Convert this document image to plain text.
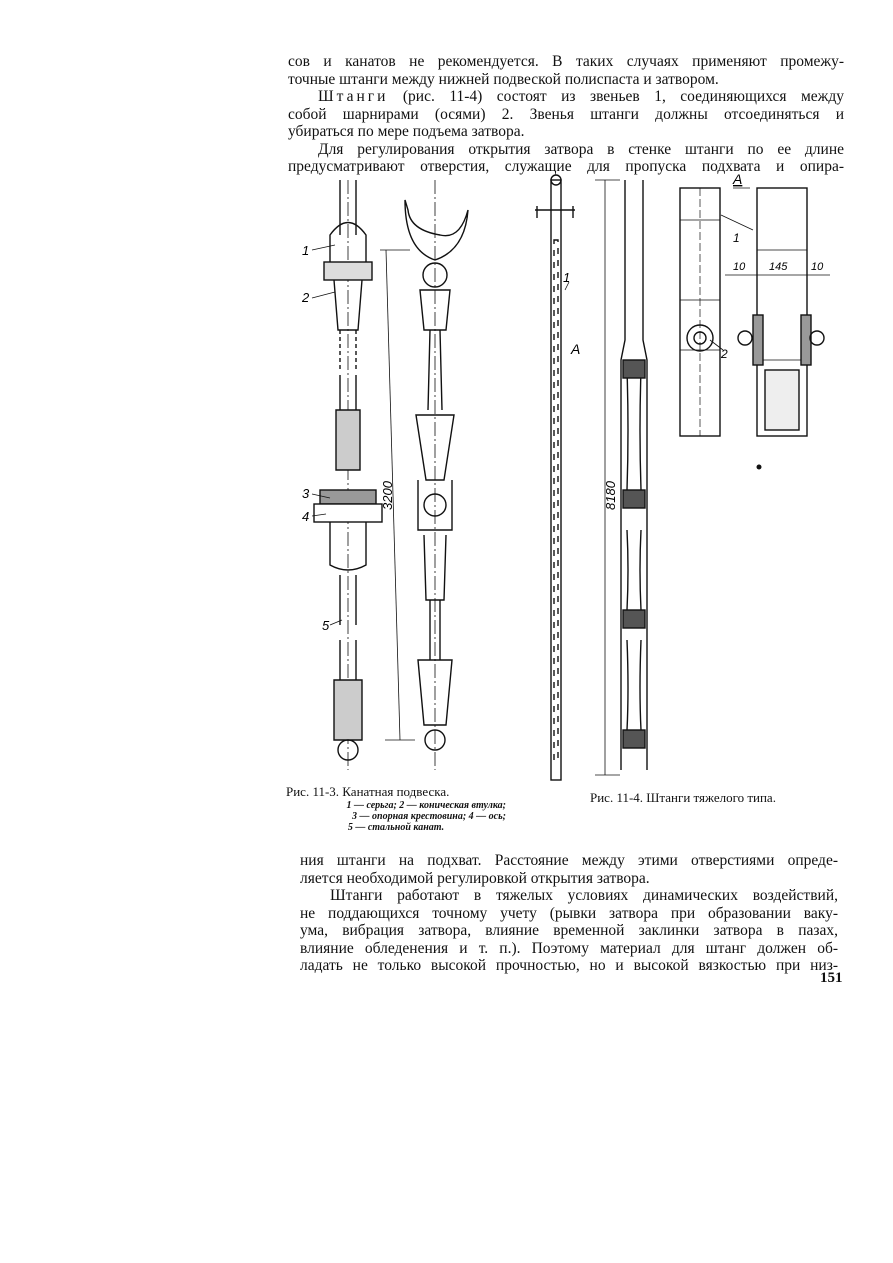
сов и канатов не рекомендуется. В таких случаях применяют промежу-
точные штанги между нижней подвеской полиспаста и затвором.
Штанги (рис. 11-4) состоят из звеньев 1, соединяющихся между
собой шарнирами (осями) 2. Звенья штанги должны отсоединяться и
убираться по мере подъема затвора.
Для регулирования открытия затвора в стенке штанги по ее длине
предусматривают отверстия, служащие для пропуска подхвата и опира-
1
2
3
4
5
3200
1
A
8180
A
1
10 145 10
2
Рис. 11-3. Канатная подвеска.
1 — серьга; 2 — коническая втулка;
3 — опорная крестовина; 4 — ось;
5 — стальной канат.
Рис. 11-4. Штанги тяжелого типа.
ния штанги на подхват. Расстояние между этими отверстиями опреде-
ляется необходимой регулировкой открытия затвора.
Штанги работают в тяжелых условиях динамических воздействий,
не поддающихся точному учету (рывки затвора при образовании ваку-
ума, вибрация затвора, влияние временной заклинки затвора в пазах,
влияние обледенения и т. п.). Поэтому материал для штанг должен об-
ладать не только высокой прочностью, но и высокой вязкостью при низ-
151
